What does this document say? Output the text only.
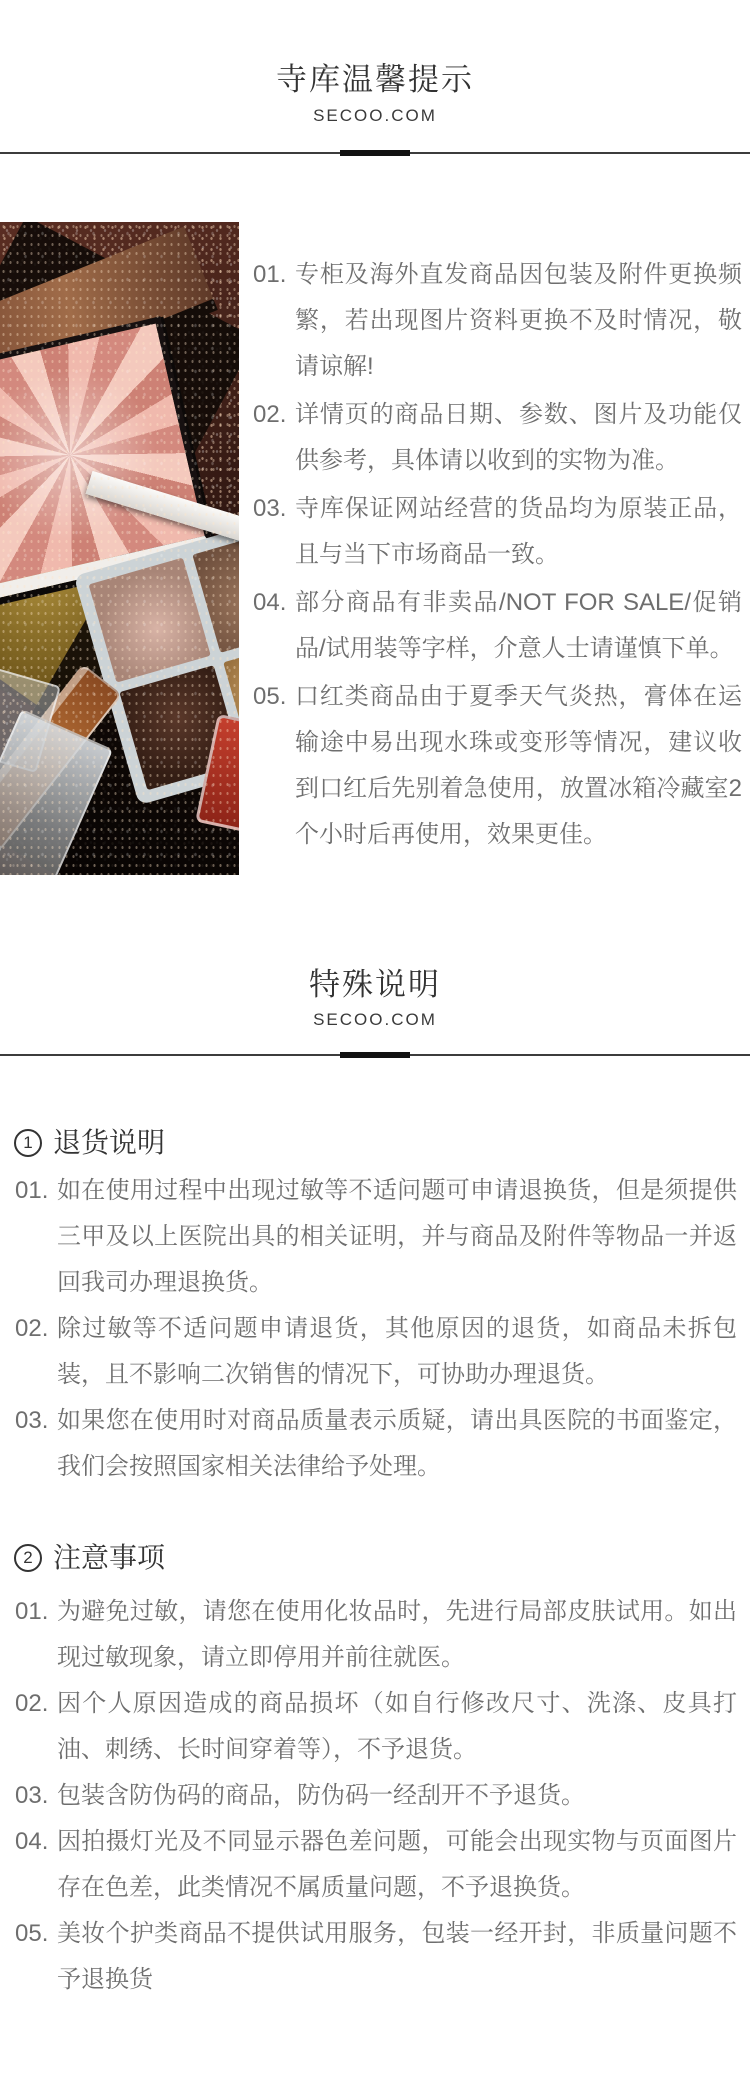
寺库温馨提示
SECOO.COM
01. 专柜及海外直发商品因包装及附件更换频繁，若出现图片资料更换不及时情况，敬请谅解!
02. 详情页的商品日期、参数、图片及功能仅供参考，具体请以收到的实物为准。
03. 寺库保证网站经营的货品均为原装正品，且与当下市场商品一致。
04. 部分商品有非卖品/NOT FOR SALE/促销品/试用装等字样，介意人士请谨慎下单。
05. 口红类商品由于夏季天气炎热，膏体在运输途中易出现水珠或变形等情况，建议收到口红后先别着急使用，放置冰箱冷藏室2个小时后再使用，效果更佳。
特殊说明
SECOO.COM
1 退货说明
01. 如在使用过程中出现过敏等不适问题可申请退换货，但是须提供三甲及以上医院出具的相关证明，并与商品及附件等物品一并返回我司办理退换货。
02. 除过敏等不适问题申请退货，其他原因的退货，如商品未拆包装，且不影响二次销售的情况下，可协助办理退货。
03. 如果您在使用时对商品质量表示质疑，请出具医院的书面鉴定，我们会按照国家相关法律给予处理。
2 注意事项
01. 为避免过敏，请您在使用化妆品时，先进行局部皮肤试用。如出现过敏现象，请立即停用并前往就医。
02. 因个人原因造成的商品损坏（如自行修改尺寸、洗涤、皮具打油、刺绣、长时间穿着等），不予退货。
03. 包装含防伪码的商品，防伪码一经刮开不予退货。
04. 因拍摄灯光及不同显示器色差问题，可能会出现实物与页面图片存在色差，此类情况不属质量问题，不予退换货。
05. 美妆个护类商品不提供试用服务，包装一经开封，非质量问题不予退换货
